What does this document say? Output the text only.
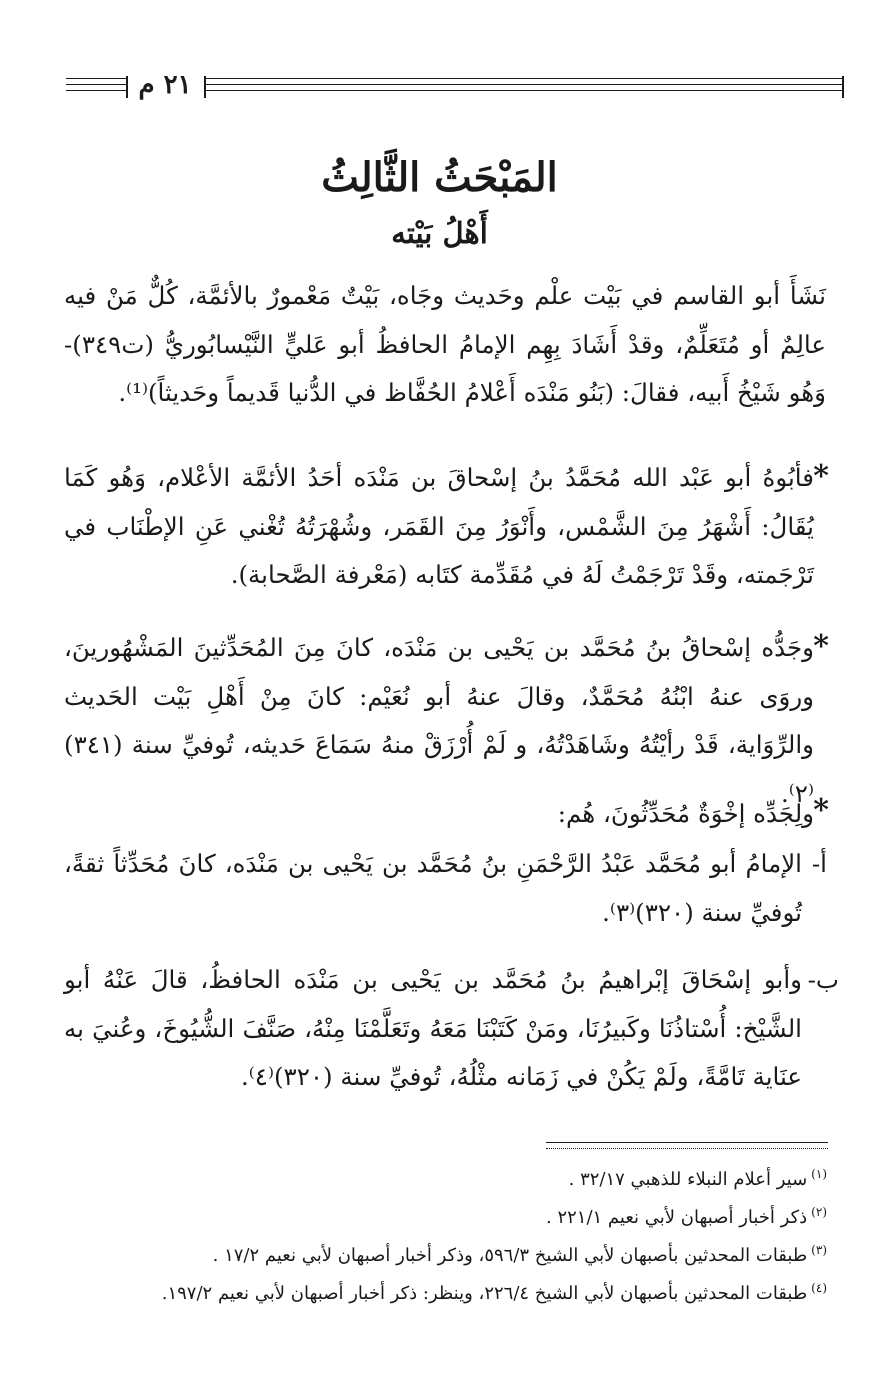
٢١ م
المَبْحَثُ الثَّالِثُ
أَهْلُ بَيْته
نَشَأَ أبو القاسم في بَيْت علْم وحَديث وجَاه، بَيْتٌ مَعْمورٌ بالأئمَّة، كُلٌّ مَنْ فيه عالِمٌ أو مُتَعَلِّمٌ، وقدْ أَشَادَ بِهِم الإمامُ الحافظُ أبو عَليٍّ النَّيْسابُوريُّ (ت٣٤٩)- وَهُو شَيْخُ أَبيه، فقالَ: (بَنُو مَنْدَه أَعْلامُ الحُفَّاظ في الدُّنيا قَديماً وحَديثاً)⁽¹⁾.
*
فأبُوهُ أبو عَبْد الله مُحَمَّدُ بنُ إسْحاقَ بن مَنْدَه أحَدُ الأئمَّة الأعْلام، وَهُو كَمَا يُقَالُ: أَشْهَرُ مِنَ الشَّمْس، وأَنْوَرُ مِنَ القَمَر، وشُهْرَتُهُ تُغْني عَنِ الإطْنَاب في تَرْجَمته، وقَدْ تَرْجَمْتُ لَهُ في مُقَدِّمة كتَابه (مَعْرفة الصَّحابة).
*
وجَدُّه إسْحاقُ بنُ مُحَمَّد بن يَحْيى بن مَنْدَه، كانَ مِنَ المُحَدِّثينَ المَشْهُورينَ، وروَى عنهُ ابْنُهُ مُحَمَّدٌ، وقالَ عنهُ أبو نُعَيْم: كانَ مِنْ أَهْلِ بَيْت الحَديث والرِّوَاية، قَدْ رأيْتُهُ وشَاهَدْتُهُ، و لَمْ أُرْزَقْ منهُ سَمَاعَ حَديثه، تُوفيِّ سنة (٣٤١)⁽٢⁾. *
ولِجَدِّه إخْوَةٌ مُحَدِّثُونَ، هُم:
أ-
الإمامُ أبو مُحَمَّد عَبْدُ الرَّحْمَنِ بنُ مُحَمَّد بن يَحْيى بن مَنْدَه، كانَ مُحَدِّثاً ثقةً، تُوفيِّ سنة (٣٢٠)⁽٣⁾.
ب-
وأبو إسْحَاقَ إبْراهيمُ بنُ مُحَمَّد بن يَحْيى بن مَنْدَه الحافظُ، قالَ عَنْهُ أبو الشَّيْخ: أُسْتاذُنَا وكَبيرُنَا، ومَنْ كَتَبْنَا مَعَهُ وتَعَلَّمْنَا مِنْهُ، صَنَّفَ الشُّيُوخَ، وعُنيَ به عنَاية تَامَّةً، ولَمْ يَكُنْ في زَمَانه مثْلُهُ، تُوفيِّ سنة (٣٢٠)⁽٤⁾.
$^{(١)}$سير أعلام النبلاء للذهبي ٣٢/١٧ .
$^{(٢)}$ذكر أخبار أصبهان لأبي نعيم ٢٢١/١ .
$^{(٣)}$طبقات المحدثين بأصبهان لأبي الشيخ ٥٩٦/٣، وذكر أخبار أصبهان لأبي نعيم ١٧/٢ .
$^{(٤)}$طبقات المحدثين بأصبهان لأبي الشيخ ٢٢٦/٤، وينظر: ذكر أخبار أصبهان لأبي نعيم ١٩٧/٢.
